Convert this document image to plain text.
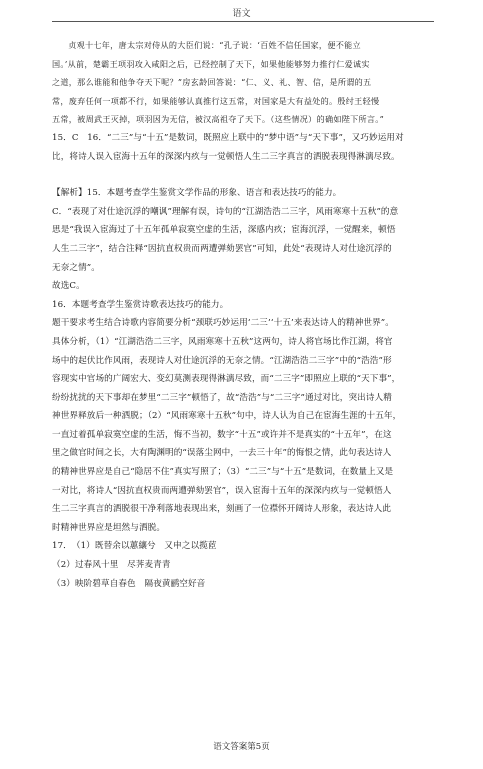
语文

贞观十七年，唐太宗对侍从的大臣们说：“孔子说：‘百姓不信任国家，便不能立

国。’从前，楚霸王项羽攻入咸阳之后，已经控制了天下，如果他能够努力推行仁爱诚实

之道，那么谁能和他争夺天下呢？”房玄龄回答说：“仁、义、礼、智、信，是所谓的五

常，废弃任何一项都不行，如果能够认真推行这五常，对国家是大有益处的。殷纣王轻慢

五常，被周武王灭掉，项羽因为无信，被汉高祖夺了天下。（这些情况）的确如陛下所言。”

15．C　16．“二三”与“十五”是数词，既照应上联中的“梦中语”与“天下事”，又巧妙运用对

比，将诗人误入宦海十五年的深深内疚与一觉顿悟人生二三字真言的洒脱表现得淋漓尽致。

【解析】15．本题考查学生鉴赏文学作品的形象、语言和表达技巧的能力。

C．“表现了对仕途沉浮的嘲讽”理解有误，诗句的“江湖浩浩二三字，风雨寒寒十五秋”的意

思是“我误入宦海过了十五年孤单寂寞空虚的生活，深感内疚；宦海沉浮，一觉醒来，顿悟

人生二三字”，结合注释“因抗直权贵而两遭弹劾罢官”可知，此处“表现诗人对仕途沉浮的

无奈之情”。

故选C。

16．本题考查学生鉴赏诗歌表达技巧的能力。

题干要求考生结合诗歌内容简要分析“颈联巧妙运用‘二三’‘十五’来表达诗人的精神世界”。

具体分析，（1）“江湖浩浩二三字，风雨寒寒十五秋”这两句，诗人将官场比作江湖，将官

场中的起伏比作风雨，表现诗人对仕途沉浮的无奈之情。“江湖浩浩二三字”中的“浩浩”形

容现实中官场的广阔宏大、变幻莫测表现得淋漓尽致，而“二三字”即照应上联的“天下事”，

纷纷扰扰的天下事却在梦里“二三字”顿悟了，故“浩浩”与“二三字”通过对比，突出诗人精

神世界释放后一种洒脱；（2）“风雨寒寒十五秋”句中，诗人认为自己在宦海生涯的十五年，

一直过着孤单寂寞空虚的生活，悔不当初，数字“十五”或许并不是真实的“十五年”，在这

里之做官时间之长，大有陶渊明的“误落尘网中，一去三十年”的悔恨之情，此句表达诗人

的精神世界应是自己“隐居不住”真实写照了；（3）“二三”与“十五”是数词，在数量上又是

一对比，将诗人“因抗直权贵而两遭弹劾罢官”，误入宦海十五年的深深内疚与一觉顿悟人

生二三字真言的洒脱很干净利落地表现出来，刻画了一位襟怀开阔诗人形象，表达诗人此

时精神世界应是坦然与洒脱。

17．　（1）既替余以蕙纕兮　又申之以揽茝

（2）过春风十里　尽荠麦青青

（3）映阶碧草自春色　隔夜黄鹂空好音

语文答案第5页
